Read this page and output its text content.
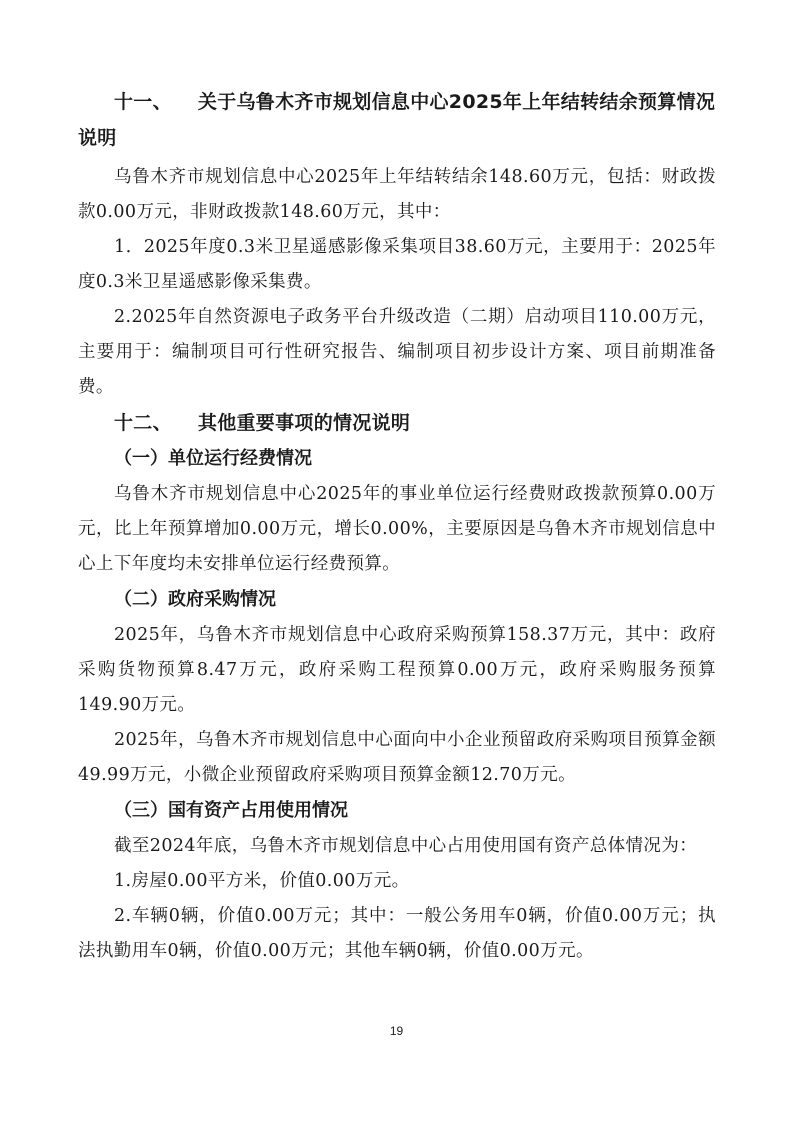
十一、 关于乌鲁木齐市规划信息中心2025年上年结转结余预算情况说明

乌鲁木齐市规划信息中心2025年上年结转结余148.60万元，包括：财政拨款0.00万元，非财政拨款148.60万元，其中：

1．2025年度0.3米卫星遥感影像采集项目38.60万元，主要用于：2025年度0.3米卫星遥感影像采集费。

2.2025年自然资源电子政务平台升级改造（二期）启动项目110.00万元，主要用于：编制项目可行性研究报告、编制项目初步设计方案、项目前期准备费。

十二、 其他重要事项的情况说明

（一）单位运行经费情况

乌鲁木齐市规划信息中心2025年的事业单位运行经费财政拨款预算0.00万元，比上年预算增加0.00万元，增长0.00%，主要原因是乌鲁木齐市规划信息中心上下年度均未安排单位运行经费预算。

（二）政府采购情况

2025年，乌鲁木齐市规划信息中心政府采购预算158.37万元，其中：政府采购货物预算8.47万元，政府采购工程预算0.00万元，政府采购服务预算149.90万元。

2025年，乌鲁木齐市规划信息中心面向中小企业预留政府采购项目预算金额49.99万元，小微企业预留政府采购项目预算金额12.70万元。

（三）国有资产占用使用情况

截至2024年底，乌鲁木齐市规划信息中心占用使用国有资产总体情况为：

1.房屋0.00平方米，价值0.00万元。

2.车辆0辆，价值0.00万元；其中：一般公务用车0辆，价值0.00万元；执法执勤用车0辆，价值0.00万元；其他车辆0辆，价值0.00万元。

19
